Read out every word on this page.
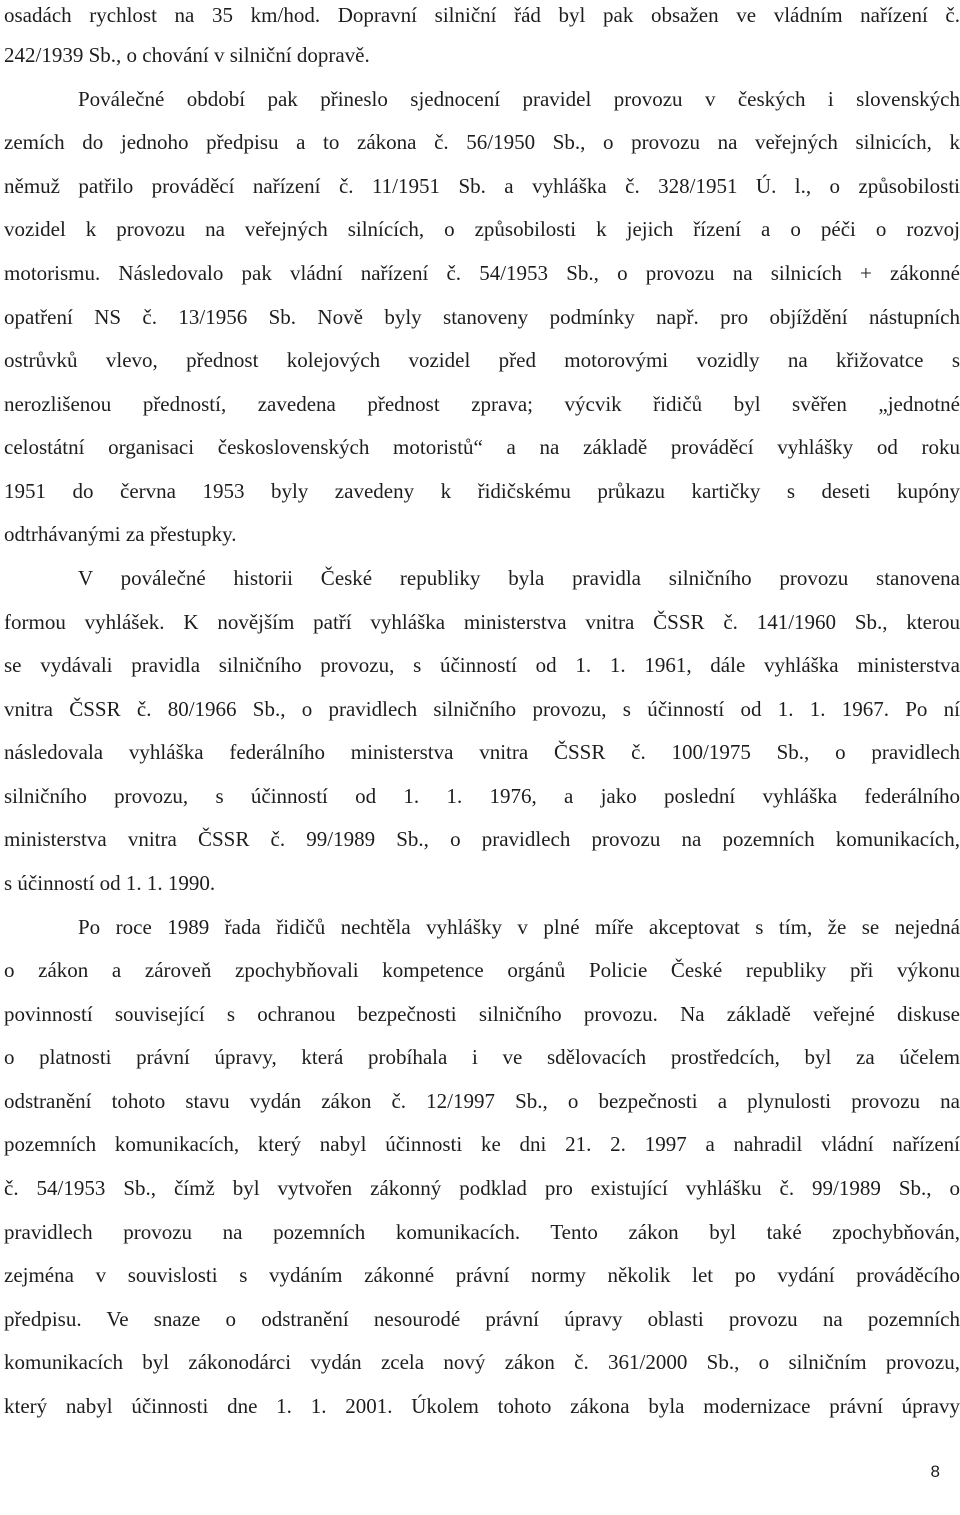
osadách rychlost na 35 km/hod. Dopravní silniční řád byl pak obsažen ve vládním nařízení č.
242/1939 Sb., o chování v silniční dopravě.
Poválečné období pak přineslo sjednocení pravidel provozu v českých i slovenských
zemích do jednoho předpisu a to zákona č. 56/1950 Sb., o provozu na veřejných silnicích, k
němuž patřilo prováděcí nařízení č. 11/1951 Sb. a vyhláška č. 328/1951 Ú. l., o způsobilosti
vozidel k provozu na veřejných silnících, o způsobilosti k jejich řízení a o péči o rozvoj
motorismu. Následovalo pak vládní nařízení č. 54/1953 Sb., o provozu na silnicích + zákonné
opatření NS č. 13/1956 Sb. Nově byly stanoveny podmínky např. pro objíždění nástupních
ostrůvků vlevo, přednost kolejových vozidel před motorovými vozidly na křižovatce s
nerozlišenou předností, zavedena přednost zprava; výcvik řidičů byl svěřen „jednotné
celostátní organisaci československých motoristů“ a na základě prováděcí vyhlášky od roku
1951 do června 1953 byly zavedeny k řidičskému průkazu kartičky s deseti kupóny
odtrhávanými za přestupky.
V poválečné historii České republiky byla pravidla silničního provozu stanovena
formou vyhlášek. K novějším patří vyhláška ministerstva vnitra ČSSR č. 141/1960 Sb., kterou
se vydávali pravidla silničního provozu, s účinností od 1. 1. 1961, dále vyhláška ministerstva
vnitra ČSSR č. 80/1966 Sb., o pravidlech silničního provozu, s účinností od 1. 1. 1967. Po ní
následovala vyhláška federálního ministerstva vnitra ČSSR č. 100/1975 Sb., o pravidlech
silničního provozu, s účinností od 1. 1. 1976, a jako poslední vyhláška federálního
ministerstva vnitra ČSSR č. 99/1989 Sb., o pravidlech provozu na pozemních komunikacích,
s účinností od 1. 1. 1990.
Po roce 1989 řada řidičů nechtěla vyhlášky v plné míře akceptovat s tím, že se nejedná
o zákon a zároveň zpochybňovali kompetence orgánů Policie České republiky při výkonu
povinností související s ochranou bezpečnosti silničního provozu. Na základě veřejné diskuse
o platnosti právní úpravy, která probíhala i ve sdělovacích prostředcích, byl za účelem
odstranění tohoto stavu vydán zákon č. 12/1997 Sb., o bezpečnosti a plynulosti provozu na
pozemních komunikacích, který nabyl účinnosti ke dni 21. 2. 1997 a nahradil vládní nařízení
č. 54/1953 Sb., čímž byl vytvořen zákonný podklad pro existující vyhlášku č. 99/1989 Sb., o
pravidlech provozu na pozemních komunikacích. Tento zákon byl také zpochybňován,
zejména v souvislosti s vydáním zákonné právní normy několik let po vydání prováděcího
předpisu. Ve snaze o odstranění nesourodé právní úpravy oblasti provozu na pozemních
komunikacích byl zákonodárci vydán zcela nový zákon č. 361/2000 Sb., o silničním provozu,
který nabyl účinnosti dne 1. 1. 2001. Úkolem tohoto zákona byla modernizace právní úpravy
8
